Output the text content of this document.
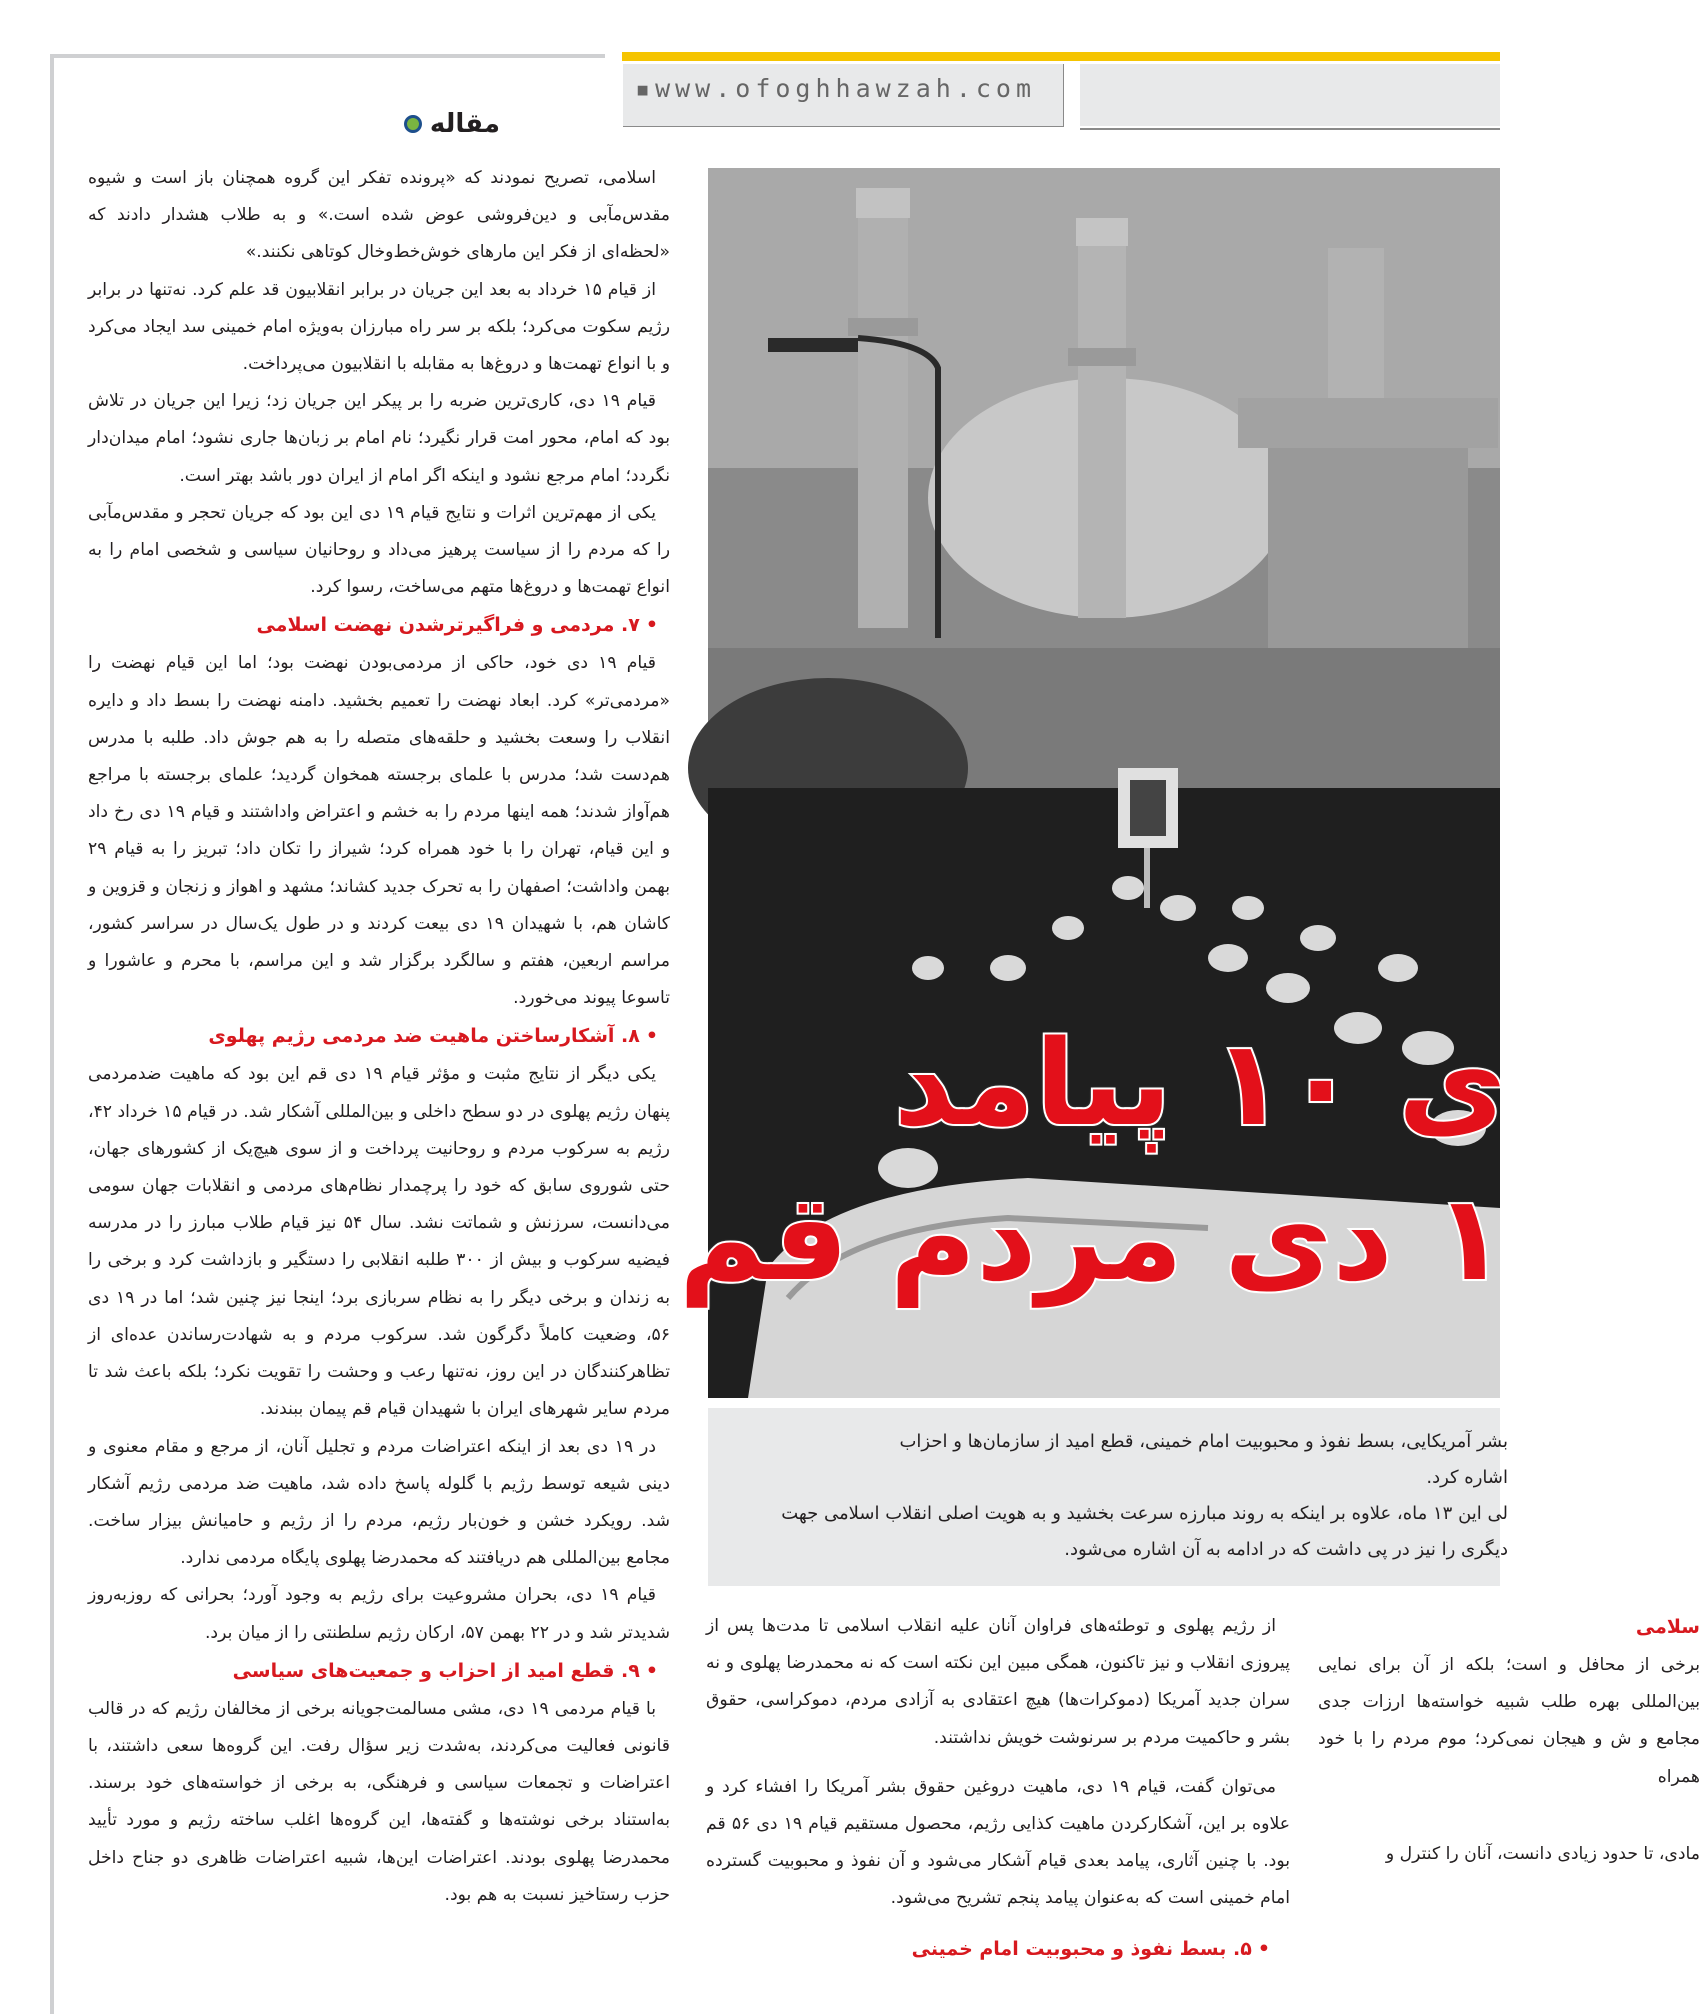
▪www.ofoghhawzah.com
مقاله

اسلامی، تصریح نمودند که «پرونده تفکر این گروه همچنان باز است و شیوه مقدس‌مآبی و دین‌فروشی عوض شده است.» و به طلاب هشدار دادند که «لحظه‌ای از فکر این مارهای خوش‌خط‌وخال کوتاهی نکنند.»

از قیام ۱۵ خرداد به بعد این جریان در برابر انقلابیون قد علم کرد. نه‌تنها در برابر رژیم سکوت می‌کرد؛ بلکه بر سر راه مبارزان به‌ویژه امام خمینی سد ایجاد می‌کرد و با انواع تهمت‌ها و دروغ‌ها به مقابله با انقلابیون می‌پرداخت.

قیام ۱۹ دی، کاری‌ترین ضربه را بر پیکر این جریان زد؛ زیرا این جریان در تلاش بود که امام، محور امت قرار نگیرد؛ نام امام بر زبان‌ها جاری نشود؛ امام میدان‌دار نگردد؛ امام مرجع نشود و اینکه اگر امام از ایران دور باشد بهتر است.

یکی از مهم‌ترین اثرات و نتایج قیام ۱۹ دی این بود که جریان تحجر و مقدس‌مآبی را که مردم را از سیاست پرهیز می‌داد و روحانیان سیاسی و شخصی امام را به انواع تهمت‌ها و دروغ‌ها متهم می‌ساخت، رسوا کرد.

• ۷. مردمی و فراگیرترشدن نهضت اسلامی

قیام ۱۹ دی خود، حاکی از مردمی‌بودن نهضت بود؛ اما این قیام نهضت را «مردمی‌تر» کرد. ابعاد نهضت را تعمیم بخشید. دامنه نهضت را بسط داد و دایره انقلاب را وسعت بخشید و حلقه‌های متصله را به هم جوش داد. طلبه با مدرس هم‌دست شد؛ مدرس با علمای برجسته همخوان گردید؛ علمای برجسته با مراجع هم‌آواز شدند؛ همه اینها مردم را به خشم و اعتراض واداشتند و قیام ۱۹ دی رخ داد و این قیام، تهران را با خود همراه کرد؛ شیراز را تکان داد؛ تبریز را به قیام ۲۹ بهمن واداشت؛ اصفهان را به تحرک جدید کشاند؛ مشهد و اهواز و زنجان و قزوین و کاشان هم، با شهیدان ۱۹ دی بیعت کردند و در طول یک‌سال در سراسر کشور، مراسم اربعین، هفتم و سالگرد برگزار شد و این مراسم، با محرم و عاشورا و تاسوعا پیوند می‌خورد.

• ۸. آشکارساختن ماهیت ضد مردمی رژیم پهلوی

یکی دیگر از نتایج مثبت و مؤثر قیام ۱۹ دی قم این بود که ماهیت ضدمردمی پنهان رژیم پهلوی در دو سطح داخلی و بین‌المللی آشکار شد. در قیام ۱۵ خرداد ۴۲، رژیم به سرکوب مردم و روحانیت پرداخت و از سوی هیچ‌یک از کشورهای جهان، حتی شوروی سابق که خود را پرچمدار نظام‌های مردمی و انقلابات جهان سومی می‌دانست، سرزنش و شماتت نشد. سال ۵۴ نیز قیام طلاب مبارز را در مدرسه فیضیه سرکوب و بیش از ۳۰۰ طلبه انقلابی را دستگیر و بازداشت کرد و برخی را به زندان و برخی دیگر را به نظام سربازی برد؛ اینجا نیز چنین شد؛ اما در ۱۹ دی ۵۶، وضعیت کاملاً دگرگون شد. سرکوب مردم و به شهادت‌رساندن عده‌ای از تظاهرکنندگان در این روز، نه‌تنها رعب و وحشت را تقویت نکرد؛ بلکه باعث شد تا مردم سایر شهرهای ایران با شهیدان قیام قم پیمان ببندند.

در ۱۹ دی بعد از اینکه اعتراضات مردم و تجلیل آنان، از مرجع و مقام معنوی و دینی شیعه توسط رژیم با گلوله پاسخ داده شد، ماهیت ضد مردمی رژیم آشکار شد. رویکرد خشن و خون‌بار رژیم، مردم را از رژیم و حامیانش بیزار ساخت. مجامع بین‌المللی هم دریافتند که محمدرضا پهلوی پایگاه مردمی ندارد.

قیام ۱۹ دی، بحران مشروعیت برای رژیم به وجود آورد؛ بحرانی که روزبه‌روز شدیدتر شد و در ۲۲ بهمن ۵۷، ارکان رژیم سلطنتی را از میان برد.

• ۹. قطع امید از احزاب و جمعیت‌های سیاسی

با قیام مردمی ۱۹ دی، مشی مسالمت‌جویانه برخی از مخالفان رژیم که در قالب قانونی فعالیت می‌کردند، به‌شدت زیر سؤال رفت. این گروه‌ها سعی داشتند، با اعتراضات و تجمعات سیاسی و فرهنگی، به برخی از خواسته‌های خود برسند. به‌استناد برخی نوشته‌ها و گفته‌ها، این گروه‌ها اغلب ساخته رژیم و مورد تأیید محمدرضا پهلوی بودند. اعتراضات این‌ها، شبیه اعتراضات ظاهری دو جناح داخل حزب رستاخیز نسبت به هم بود.

ی ۱۰ پیامد
۱ دی مردم قم
بشر آمریکایی، بسط نفوذ و محبوبیت امام خمینی، قطع امید از سازمان‌ها و احزاب
اشاره کرد.
لی این ۱۳ ماه، علاوه بر اینکه به روند مبارزه سرعت بخشید و به هویت اصلی انقلاب اسلامی جهت
دیگری را نیز در پی داشت که در ادامه به آن اشاره می‌شود.

از رژیم پهلوی و توطئه‌های فراوان آنان علیه انقلاب اسلامی تا مدت‌ها پس از پیروزی انقلاب و نیز تاکنون، همگی مبین این نکته است که نه محمدرضا پهلوی و نه سران جدید آمریکا (دموکرات‌ها) هیچ اعتقادی به آزادی مردم، دموکراسی، حقوق بشر و حاکمیت مردم بر سرنوشت خویش نداشتند.

می‌توان گفت، قیام ۱۹ دی، ماهیت دروغین حقوق بشر آمریکا را افشاء کرد و علاوه بر این، آشکارکردن ماهیت کذایی رژیم، محصول مستقیم قیام ۱۹ دی ۵۶ قم بود. با چنین آثاری، پیامد بعدی قیام آشکار می‌شود و آن نفوذ و محبوبیت گسترده امام خمینی است که به‌عنوان پیامد پنجم تشریح می‌شود.

• ۵. بسط نفوذ و محبوبیت امام خمینی
سلامی

برخی از محافل و است؛ بلکه از آن برای نمایی بین‌المللی بهره طلب شبیه خواسته‌ها ارزات جدی مجامع و ش و هیجان نمی‌کرد؛ موم مردم را با خود همراه

مادی، تا حدود زیادی دانست، آنان را کنترل و
